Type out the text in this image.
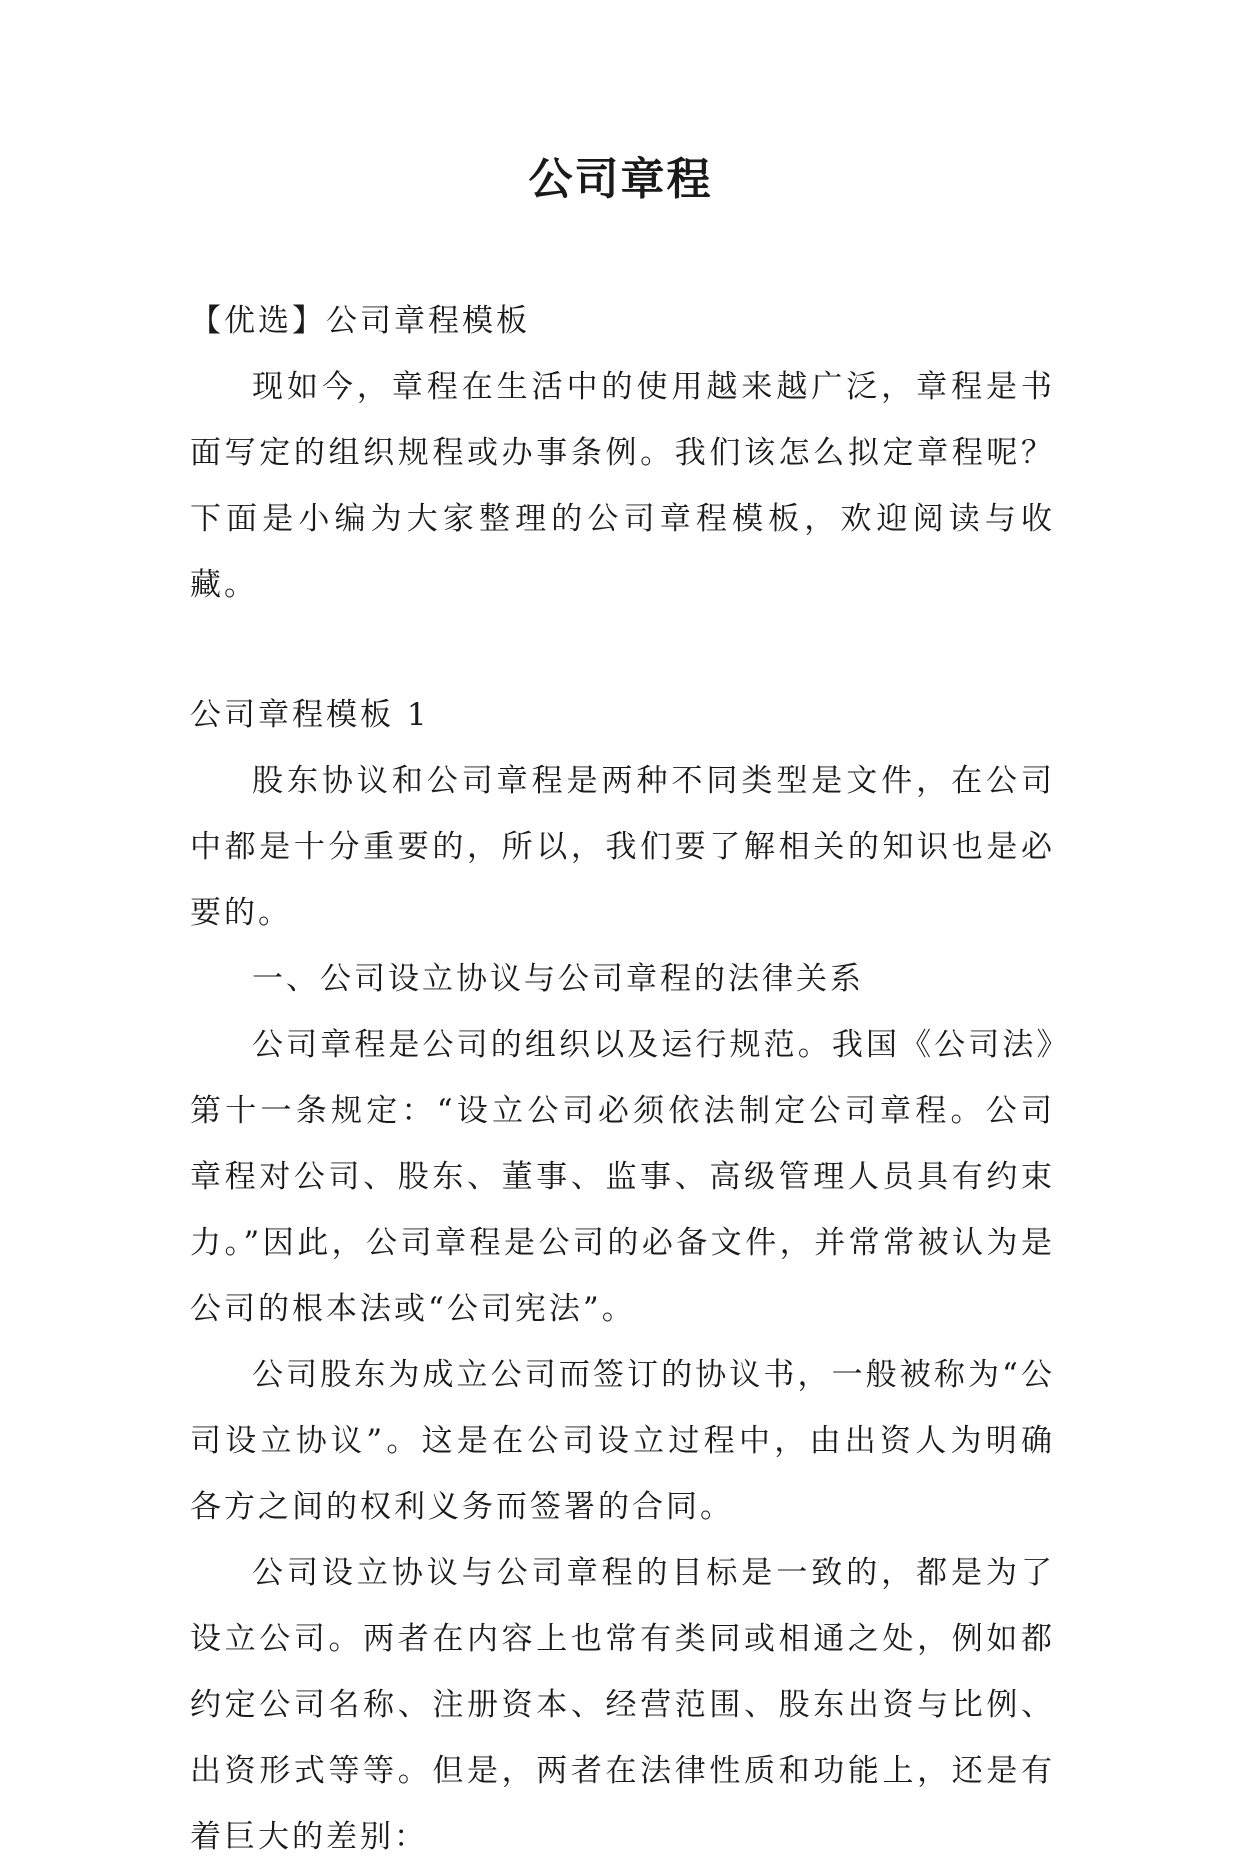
公司章程

【优选】公司章程模板

现如今，章程在生活中的使用越来越广泛，章程是书面写定的组织规程或办事条例。我们该怎么拟定章程呢？下面是小编为大家整理的公司章程模板，欢迎阅读与收藏。

公司章程模板 1

股东协议和公司章程是两种不同类型是文件，在公司中都是十分重要的，所以，我们要了解相关的知识也是必要的。

一、公司设立协议与公司章程的法律关系

公司章程是公司的组织以及运行规范。我国《公司法》第十一条规定：“设立公司必须依法制定公司章程。公司章程对公司、股东、董事、监事、高级管理人员具有约束力。”因此，公司章程是公司的必备文件，并常常被认为是公司的根本法或“公司宪法”。

公司股东为成立公司而签订的协议书，一般被称为“公司设立协议”。这是在公司设立过程中，由出资人为明确各方之间的权利义务而签署的合同。

公司设立协议与公司章程的目标是一致的，都是为了设立公司。两者在内容上也常有类同或相通之处，例如都约定公司名称、注册资本、经营范围、股东出资与比例、出资形式等等。但是，两者在法律性质和功能上，还是有着巨大的差别：
